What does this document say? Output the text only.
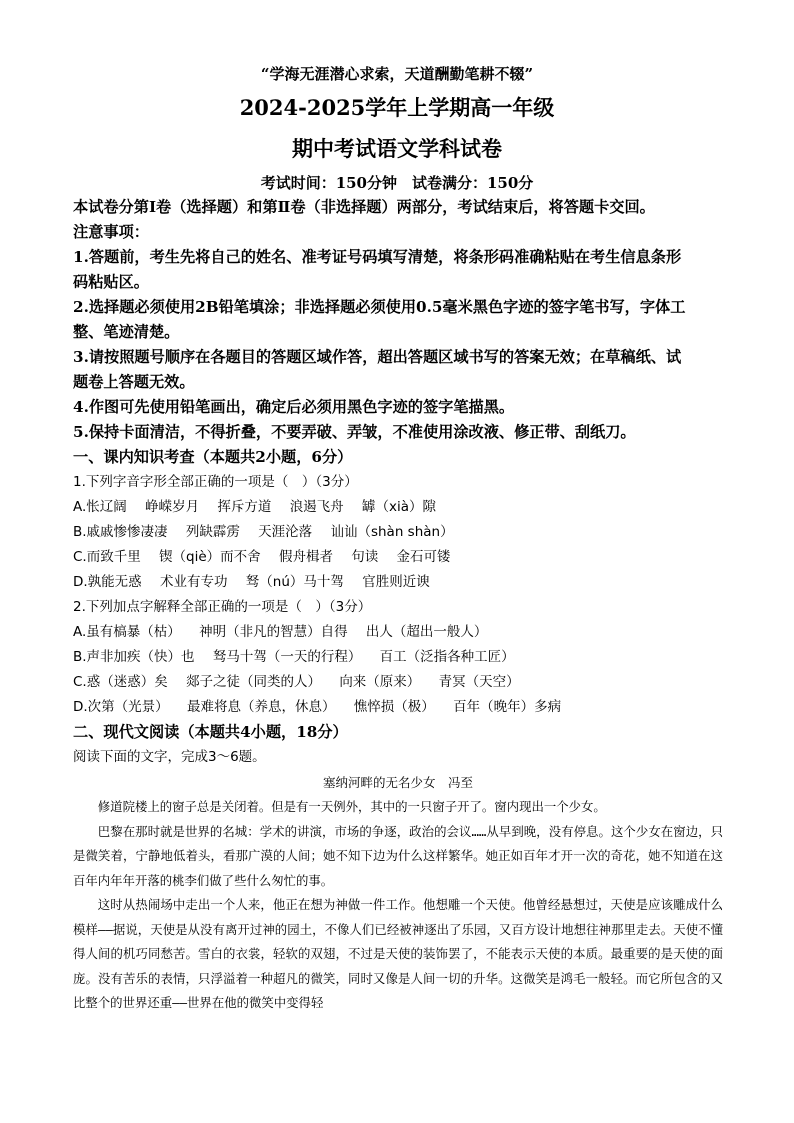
“学海无涯潜心求索，天道酬勤笔耕不辍”
2024-2025学年上学期高一年级
期中考试语文学科试卷
考试时间：150分钟　试卷满分：150分
本试卷分第Ⅰ卷（选择题）和第Ⅱ卷（非选择题）两部分，考试结束后，将答题卡交回。
注意事项：
1.答题前，考生先将自己的姓名、准考证号码填写清楚，将条形码准确粘贴在考生信息条形
码粘贴区。
2.选择题必须使用2B铅笔填涂；非选择题必须使用0.5毫米黑色字迹的签字笔书写，字体工
整、笔迹清楚。
3.请按照题号顺序在各题目的答题区域作答，超出答题区域书写的答案无效；在草稿纸、试
题卷上答题无效。
4.作图可先使用铅笔画出，确定后必须用黑色字迹的签字笔描黑。
5.保持卡面清洁，不得折叠，不要弄破、弄皱，不准使用涂改液、修正带、刮纸刀。
一、课内知识考查（本题共2小题，6分）
1.下列字音字形全部正确的一项是（　）（3分）
A.怅辽阔 峥嵘岁月 挥斥方道 浪遏飞舟 罅（xià）隙
B.戚戚惨惨凄凄 列缺霹雳 天涯沦落 讪讪（shàn shàn）
C.而致千里 锲（qiè）而不舍 假舟楫者 句读 金石可镂
D.孰能无惑 术业有专功 驽（nú）马十驾 官胜则近谀
2.下列加点字解释全部正确的一项是（　）（3分）
A.虽有槁暴（枯） 神明（非凡的智慧）自得 出人（超出一般人）
B.声非加疾（快）也 驽马十驾（一天的行程） 百工（泛指各种工匠）
C.惑（迷惑）矣 郯子之徒（同类的人） 向来（原来） 青冥（天空）
D.次第（光景） 最难将息（养息，休息） 憔悴损（极） 百年（晚年）多病
二、现代文阅读（本题共4小题，18分）
阅读下面的文字，完成3～6题。
塞纳河畔的无名少女　冯至

修道院楼上的窗子总是关闭着。但是有一天例外，其中的一只窗子开了。窗内现出一个少女。

巴黎在那时就是世界的名城：学术的讲演，市场的争逐，政治的会议……从早到晚，没有停息。这个少女在窗边，只是微笑着，宁静地低着头，看那广漠的人间；她不知下边为什么这样繁华。她正如百年才开一次的奇花，她不知道在这百年内年年开落的桃李们做了些什么匆忙的事。

这时从热闹场中走出一个人来，他正在想为神做一件工作。他想雕一个天使。他曾经悬想过，天使是应该雕成什么模样——据说，天使是从没有离开过神的园土，不像人们已经被神逐出了乐园，又百方设计地想往神那里走去。天使不懂得人间的机巧同愁苦。雪白的衣裳，轻软的双翅，不过是天使的装饰罢了，不能表示天使的本质。最重要的是天使的面庞。没有苦乐的表情，只浮溢着一种超凡的微笑，同时又像是人间一切的升华。这微笑是鸿毛一般轻。而它所包含的又比整个的世界还重——世界在他的微笑中变得轻
